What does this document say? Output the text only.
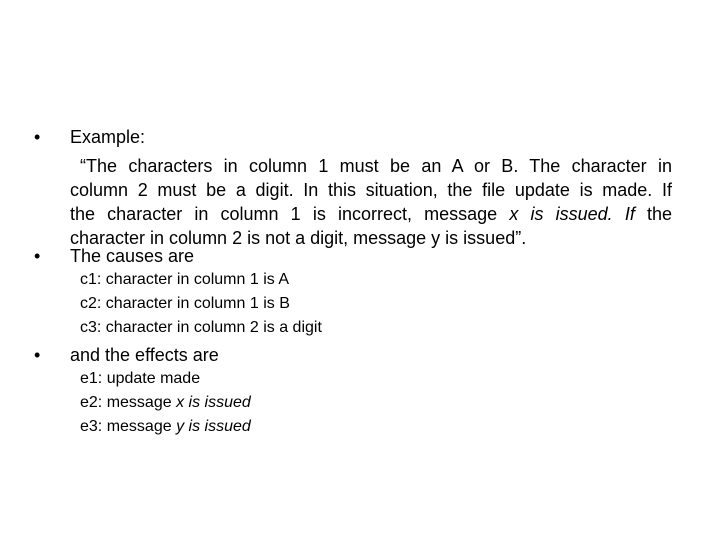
•	Example:
“The characters in column 1 must be an A or B. The character in
column 2 must be a digit. In this situation, the file update is made. If
the character in column 1 is incorrect, message x is issued. If the
character in column 2 is not a digit, message y is issued”.
•	The causes are
c1: character in column 1 is A
c2: character in column 1 is B
c3: character in column 2 is a digit
•	and the effects are
e1: update made
e2: message x is issued
e3: message y is issued
